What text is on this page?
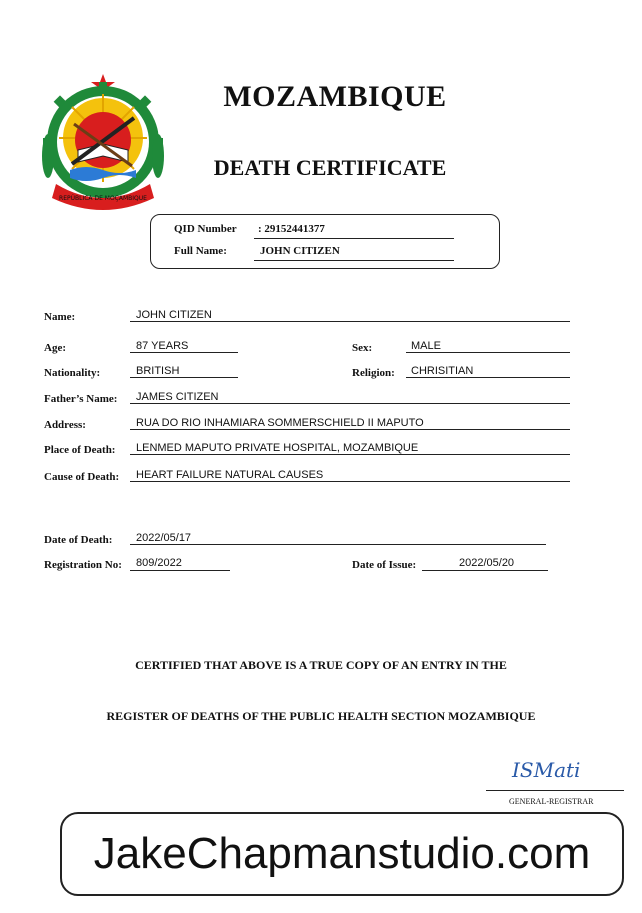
REPÚBLICA DE MOÇAMBIQUE
MOZAMBIQUE
DEATH CERTIFICATE
QID Number : 29152441377
Full Name:	JOHN CITIZEN
Name:	JOHN CITIZEN
Age:	87 YEARS	Sex:	MALE
Nationality:	BRITISH	Religion: CHRISITIAN
Father’s Name: JAMES CITIZEN
Address:	RUA DO RIO INHAMIARA SOMMERSCHIELD II MAPUTO
Place of Death: LENMED MAPUTO PRIVATE HOSPITAL, MOZAMBIQUE
Cause of Death: HEART FAILURE NATURAL CAUSES
Date of Death: 2022/05/17
Registration No: 809/2022	Date of Issue:	2022/05/20
CERTIFIED THAT ABOVE IS A TRUE COPY OF AN ENTRY IN THE
REGISTER OF DEATHS OF THE PUBLIC HEALTH SECTION MOZAMBIQUE
ISMati
GENERAL-REGISTRAR
JakeChapmanstudio.com
